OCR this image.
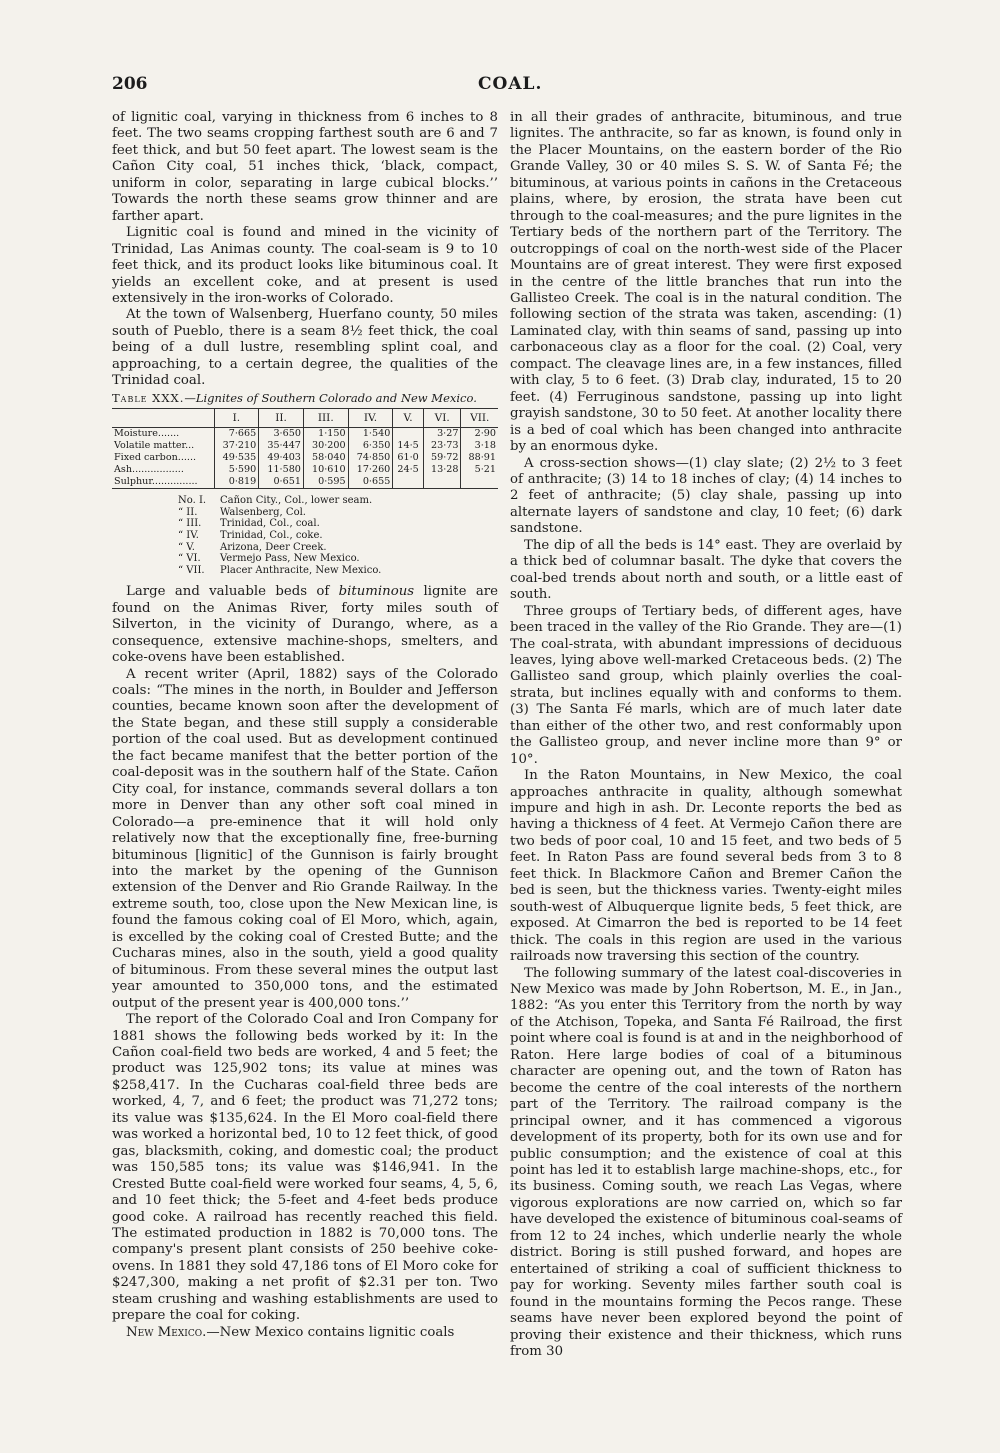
206	COAL.

of lignitic coal, varying in thickness from 6 inches to 8 feet. The two seams cropping farthest south are 6 and 7 feet thick, and but 50 feet apart. The lowest seam is the Cañon City coal, 51 inches thick, ‘black, compact, uniform in color, separating in large cubical blocks.’’ Towards the north these seams grow thinner and are farther apart.

Lignitic coal is found and mined in the vicinity of Trinidad, Las Animas county. The coal-seam is 9 to 10 feet thick, and its product looks like bituminous coal. It yields an excellent coke, and at present is used extensively in the iron-works of Colorado.

At the town of Walsenberg, Huerfano county, 50 miles south of Pueblo, there is a seam 8½ feet thick, the coal being of a dull lustre, resembling splint coal, and approaching, to a certain degree, the qualities of the Trinidad coal.

Table XXX.—Lignites of Southern Colorado and New Mexico.

	I.	II.	III.	IV.	V.	VI.	VII.
Moisture.......	7·665	3·650	1·150	1·540		3·27	2·90
Volatile matter...	37·210	35·447	30·200	6·350	14·5	23·73	3·18
Fixed carbon......	49·535	49·403	58·040	74·850	61·0	59·72	88·91
Ash.................	5·590	11·580	10·610	17·260	24·5	13·28	5·21
Sulphur...............	0·819	0·651	0·595	0·655			
No. I. Cañon City., Col., lower seam.
“ II. Walsenberg, Col.
“ III. Trinidad, Col., coal.
“ IV. Trinidad, Col., coke.
“ V.	Arizona, Deer Creek.
“ VI. Vermejo Pass, New Mexico.
“ VII. Placer Anthracite, New Mexico.

Large and valuable beds of bituminous lignite are found on the Animas River, forty miles south of Silverton, in the vicinity of Durango, where, as a consequence, extensive machine-shops, smelters, and coke-ovens have been established.

A recent writer (April, 1882) says of the Colorado coals: “The mines in the north, in Boulder and Jefferson counties, became known soon after the development of the State began, and these still supply a considerable portion of the coal used. But as development continued the fact became manifest that the better portion of the coal-deposit was in the southern half of the State. Cañon City coal, for instance, commands several dollars a ton more in Denver than any other soft coal mined in Colorado—a pre-eminence that it will hold only relatively now that the exceptionally fine, free-burning bituminous [lignitic] of the Gunnison is fairly brought into the market by the opening of the Gunnison extension of the Denver and Rio Grande Railway. In the extreme south, too, close upon the New Mexican line, is found the famous coking coal of El Moro, which, again, is excelled by the coking coal of Crested Butte; and the Cucharas mines, also in the south, yield a good quality of bituminous. From these several mines the output last year amounted to 350,000 tons, and the estimated output of the present year is 400,000 tons.’’

The report of the Colorado Coal and Iron Company for 1881 shows the following beds worked by it: In the Cañon coal-field two beds are worked, 4 and 5 feet; the product was 125,902 tons; its value at mines was $258,417. In the Cucharas coal-field three beds are worked, 4, 7, and 6 feet; the product was 71,272 tons; its value was $135,624. In the El Moro coal-field there was worked a horizontal bed, 10 to 12 feet thick, of good gas, blacksmith, coking, and domestic coal; the product was 150,585 tons; its value was $146,941. In the Crested Butte coal-field were worked four seams, 4, 5, 6, and 10 feet thick; the 5-feet and 4-feet beds produce good coke. A railroad has recently reached this field. The estimated production in 1882 is 70,000 tons. The company's present plant consists of 250 beehive coke-ovens. In 1881 they sold 47,186 tons of El Moro coke for $247,300, making a net profit of $2.31 per ton. Two steam crushing and washing establishments are used to prepare the coal for coking.

New Mexico.—New Mexico contains lignitic coals

in all their grades of anthracite, bituminous, and true lignites. The anthracite, so far as known, is found only in the Placer Mountains, on the eastern border of the Rio Grande Valley, 30 or 40 miles S. S. W. of Santa Fé; the bituminous, at various points in cañons in the Cretaceous plains, where, by erosion, the strata have been cut through to the coal-measures; and the pure lignites in the Tertiary beds of the northern part of the Territory. The outcroppings of coal on the north-west side of the Placer Mountains are of great interest. They were first exposed in the centre of the little branches that run into the Gallisteo Creek. The coal is in the natural condition. The following section of the strata was taken, ascending: (1) Laminated clay, with thin seams of sand, passing up into carbonaceous clay as a floor for the coal. (2) Coal, very compact. The cleavage lines are, in a few instances, filled with clay, 5 to 6 feet. (3) Drab clay, indurated, 15 to 20 feet. (4) Ferruginous sandstone, passing up into light grayish sandstone, 30 to 50 feet. At another locality there is a bed of coal which has been changed into anthracite by an enormous dyke.

A cross-section shows—(1) clay slate; (2) 2½ to 3 feet of anthracite; (3) 14 to 18 inches of clay; (4) 14 inches to 2 feet of anthracite; (5) clay shale, passing up into alternate layers of sandstone and clay, 10 feet; (6) dark sandstone.

The dip of all the beds is 14° east. They are overlaid by a thick bed of columnar basalt. The dyke that covers the coal-bed trends about north and south, or a little east of south.

Three groups of Tertiary beds, of different ages, have been traced in the valley of the Rio Grande. They are—(1) The coal-strata, with abundant impressions of deciduous leaves, lying above well-marked Cretaceous beds. (2) The Gallisteo sand group, which plainly overlies the coal-strata, but inclines equally with and conforms to them. (3) The Santa Fé marls, which are of much later date than either of the other two, and rest conformably upon the Gallisteo group, and never incline more than 9° or 10°.

In the Raton Mountains, in New Mexico, the coal approaches anthracite in quality, although somewhat impure and high in ash. Dr. Leconte reports the bed as having a thickness of 4 feet. At Vermejo Cañon there are two beds of poor coal, 10 and 15 feet, and two beds of 5 feet. In Raton Pass are found several beds from 3 to 8 feet thick. In Blackmore Cañon and Bremer Cañon the bed is seen, but the thickness varies. Twenty-eight miles south-west of Albuquerque lignite beds, 5 feet thick, are exposed. At Cimarron the bed is reported to be 14 feet thick. The coals in this region are used in the various railroads now traversing this section of the country.

The following summary of the latest coal-discoveries in New Mexico was made by John Robertson, M. E., in Jan., 1882: “As you enter this Territory from the north by way of the Atchison, Topeka, and Santa Fé Railroad, the first point where coal is found is at and in the neighborhood of Raton. Here large bodies of coal of a bituminous character are opening out, and the town of Raton has become the centre of the coal interests of the northern part of the Territory. The railroad company is the principal owner, and it has commenced a vigorous development of its property, both for its own use and for public consumption; and the existence of coal at this point has led it to establish large machine-shops, etc., for its business. Coming south, we reach Las Vegas, where vigorous explorations are now carried on, which so far have developed the existence of bituminous coal-seams of from 12 to 24 inches, which underlie nearly the whole district. Boring is still pushed forward, and hopes are entertained of striking a coal of sufficient thickness to pay for working. Seventy miles farther south coal is found in the mountains forming the Pecos range. These seams have never been explored beyond the point of proving their existence and their thickness, which runs from 30
